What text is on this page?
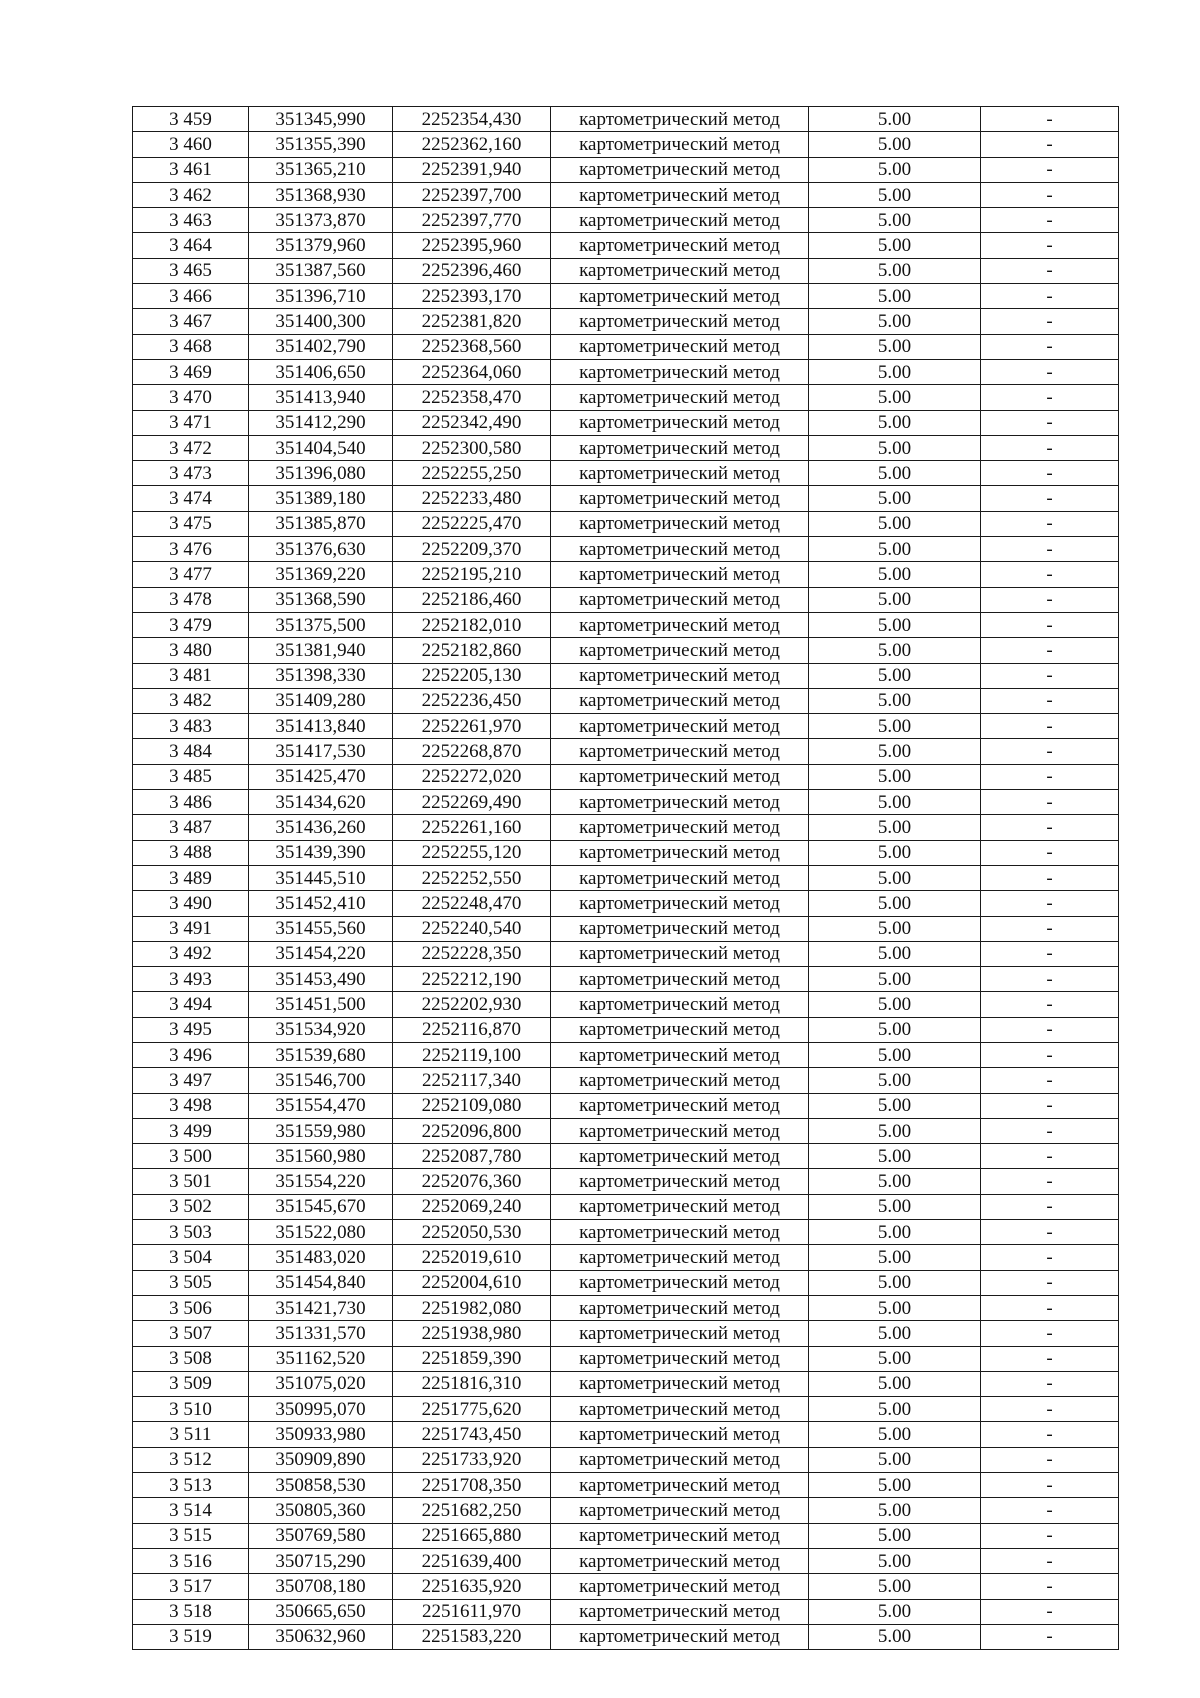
3 459	351345,990	2252354,430	картометрический метод	5.00	-
3 460	351355,390	2252362,160	картометрический метод	5.00	-
3 461	351365,210	2252391,940	картометрический метод	5.00	-
3 462	351368,930	2252397,700	картометрический метод	5.00	-
3 463	351373,870	2252397,770	картометрический метод	5.00	-
3 464	351379,960	2252395,960	картометрический метод	5.00	-
3 465	351387,560	2252396,460	картометрический метод	5.00	-
3 466	351396,710	2252393,170	картометрический метод	5.00	-
3 467	351400,300	2252381,820	картометрический метод	5.00	-
3 468	351402,790	2252368,560	картометрический метод	5.00	-
3 469	351406,650	2252364,060	картометрический метод	5.00	-
3 470	351413,940	2252358,470	картометрический метод	5.00	-
3 471	351412,290	2252342,490	картометрический метод	5.00	-
3 472	351404,540	2252300,580	картометрический метод	5.00	-
3 473	351396,080	2252255,250	картометрический метод	5.00	-
3 474	351389,180	2252233,480	картометрический метод	5.00	-
3 475	351385,870	2252225,470	картометрический метод	5.00	-
3 476	351376,630	2252209,370	картометрический метод	5.00	-
3 477	351369,220	2252195,210	картометрический метод	5.00	-
3 478	351368,590	2252186,460	картометрический метод	5.00	-
3 479	351375,500	2252182,010	картометрический метод	5.00	-
3 480	351381,940	2252182,860	картометрический метод	5.00	-
3 481	351398,330	2252205,130	картометрический метод	5.00	-
3 482	351409,280	2252236,450	картометрический метод	5.00	-
3 483	351413,840	2252261,970	картометрический метод	5.00	-
3 484	351417,530	2252268,870	картометрический метод	5.00	-
3 485	351425,470	2252272,020	картометрический метод	5.00	-
3 486	351434,620	2252269,490	картометрический метод	5.00	-
3 487	351436,260	2252261,160	картометрический метод	5.00	-
3 488	351439,390	2252255,120	картометрический метод	5.00	-
3 489	351445,510	2252252,550	картометрический метод	5.00	-
3 490	351452,410	2252248,470	картометрический метод	5.00	-
3 491	351455,560	2252240,540	картометрический метод	5.00	-
3 492	351454,220	2252228,350	картометрический метод	5.00	-
3 493	351453,490	2252212,190	картометрический метод	5.00	-
3 494	351451,500	2252202,930	картометрический метод	5.00	-
3 495	351534,920	2252116,870	картометрический метод	5.00	-
3 496	351539,680	2252119,100	картометрический метод	5.00	-
3 497	351546,700	2252117,340	картометрический метод	5.00	-
3 498	351554,470	2252109,080	картометрический метод	5.00	-
3 499	351559,980	2252096,800	картометрический метод	5.00	-
3 500	351560,980	2252087,780	картометрический метод	5.00	-
3 501	351554,220	2252076,360	картометрический метод	5.00	-
3 502	351545,670	2252069,240	картометрический метод	5.00	-
3 503	351522,080	2252050,530	картометрический метод	5.00	-
3 504	351483,020	2252019,610	картометрический метод	5.00	-
3 505	351454,840	2252004,610	картометрический метод	5.00	-
3 506	351421,730	2251982,080	картометрический метод	5.00	-
3 507	351331,570	2251938,980	картометрический метод	5.00	-
3 508	351162,520	2251859,390	картометрический метод	5.00	-
3 509	351075,020	2251816,310	картометрический метод	5.00	-
3 510	350995,070	2251775,620	картометрический метод	5.00	-
3 511	350933,980	2251743,450	картометрический метод	5.00	-
3 512	350909,890	2251733,920	картометрический метод	5.00	-
3 513	350858,530	2251708,350	картометрический метод	5.00	-
3 514	350805,360	2251682,250	картометрический метод	5.00	-
3 515	350769,580	2251665,880	картометрический метод	5.00	-
3 516	350715,290	2251639,400	картометрический метод	5.00	-
3 517	350708,180	2251635,920	картометрический метод	5.00	-
3 518	350665,650	2251611,970	картометрический метод	5.00	-
3 519	350632,960	2251583,220	картометрический метод	5.00	-
